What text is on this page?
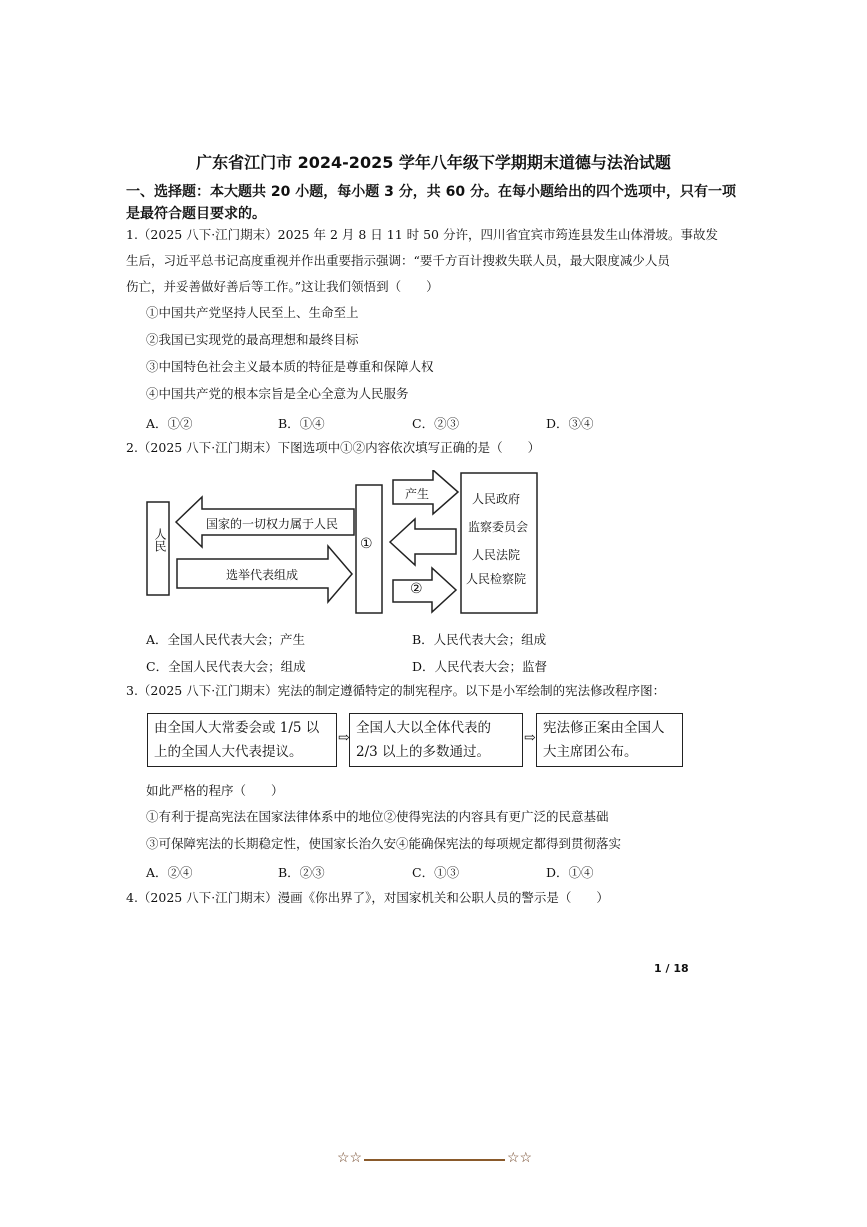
广东省江门市 2024-2025 学年八年级下学期期末道德与法治试题
一、选择题：本大题共 20 小题，每小题 3 分，共 60 分。在每小题给出的四个选项中，只有一项
是最符合题目要求的。
1.（2025 八下·江门期末）2025 年 2 月 8 日 11 时 50 分许，四川省宜宾市筠连县发生山体滑坡。事故发
生后，习近平总书记高度重视并作出重要指示强调：“要千方百计搜救失联人员，最大限度减少人员
伤亡，并妥善做好善后等工作。”这让我们领悟到（　　）
①中国共产党坚持人民至上、生命至上
②我国已实现党的最高理想和最终目标
③中国特色社会主义最本质的特征是尊重和保障人权
④中国共产党的根本宗旨是全心全意为人民服务
A．①②	B．①④	C．②③	D．③④
2.（2025 八下·江门期末）下图选项中①②内容依次填写正确的是（　　）
人民
国家的一切权力属于人民
选举代表组成
①
产生
②
人民政府
监察委员会
人民法院
人民检察院
A．全国人民代表大会；产生	B．人民代表大会；组成
C．全国人民代表大会；组成	D．人民代表大会；监督
3.（2025 八下·江门期末）宪法的制定遵循特定的制宪程序。以下是小军绘制的宪法修改程序图：
由全国人大常委会或 1/5 以上的全国人大代表提议。
⇨
全国人大以全体代表的 2/3 以上的多数通过。
⇨
宪法修正案由全国人大主席团公布。
如此严格的程序（　　）
①有利于提高宪法在国家法律体系中的地位②使得宪法的内容具有更广泛的民意基础
③可保障宪法的长期稳定性，使国家长治久安④能确保宪法的每项规定都得到贯彻落实
A．②④	B．②③	C．①③	D．①④
4.（2025 八下·江门期末）漫画《你出界了》，对国家机关和公职人员的警示是（　　）
1 / 18
☆☆	☆☆
